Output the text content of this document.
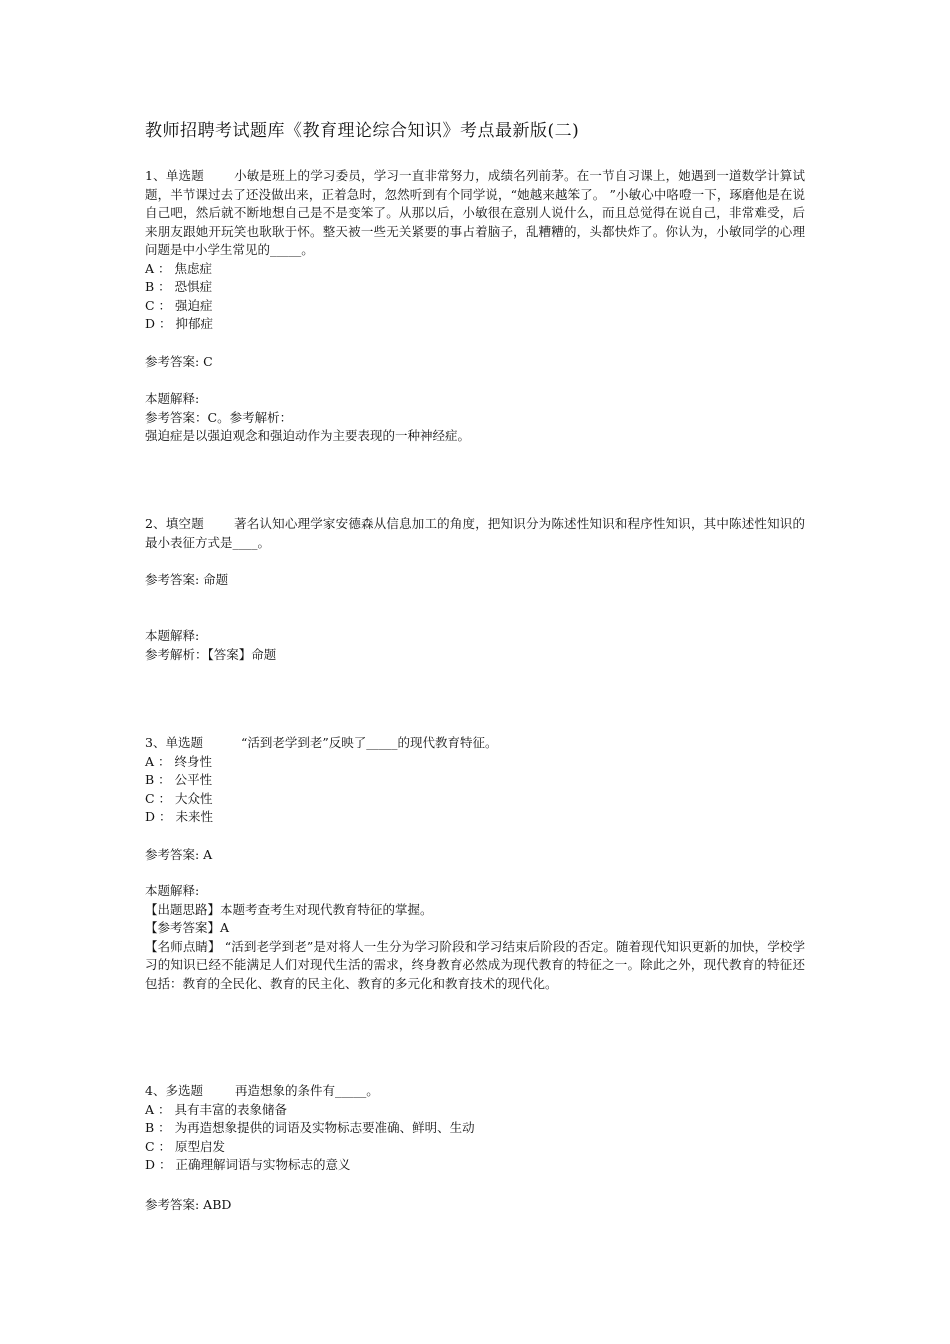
教师招聘考试题库《教育理论综合知识》考点最新版(二)
1、单选题 小敏是班上的学习委员，学习一直非常努力，成绩名列前茅。在一节自习课上，她遇到一道数学计算试题，半节课过去了还没做出来，正着急时，忽然听到有个同学说，“她越来越笨了。 ”小敏心中咯噔一下，琢磨他是在说自己吧，然后就不断地想自己是不是变笨了。从那以后，小敏很在意别人说什么，而且总觉得在说自己，非常难受，后来朋友跟她开玩笑也耿耿于怀。整天被一些无关紧要的事占着脑子，乱糟糟的，头都快炸了。你认为，小敏同学的心理问题是中小学生常见的_____。
A ： 焦虑症
B ： 恐惧症
C ： 强迫症
D ： 抑郁症
参考答案: C
本题解释:
参考答案：C。参考解析：
强迫症是以强迫观念和强迫动作为主要表现的一种神经症。
2、填空题 著名认知心理学家安德森从信息加工的角度，把知识分为陈述性知识和程序性知识，其中陈述性知识的最小表征方式是____。
参考答案: 命题
本题解释:
参考解析：【答案】命题
3、单选题	“活到老学到老”反映了_____的现代教育特征。
A ： 终身性
B ： 公平性
C ： 大众性
D ： 未来性
参考答案: A
本题解释:
【出题思路】本题考查考生对现代教育特征的掌握。
【参考答案】A
【名师点睛】 “活到老学到老”是对将人一生分为学习阶段和学习结束后阶段的否定。随着现代知识更新的加快，学校学习的知识已经不能满足人们对现代生活的需求，终身教育必然成为现代教育的特征之一。除此之外，现代教育的特征还包括：教育的全民化、教育的民主化、教育的多元化和教育技术的现代化。
4、多选题	再造想象的条件有_____。
A ： 具有丰富的表象储备
B ： 为再造想象提供的词语及实物标志要准确、鲜明、生动
C ： 原型启发
D ： 正确理解词语与实物标志的意义
参考答案: ABD
